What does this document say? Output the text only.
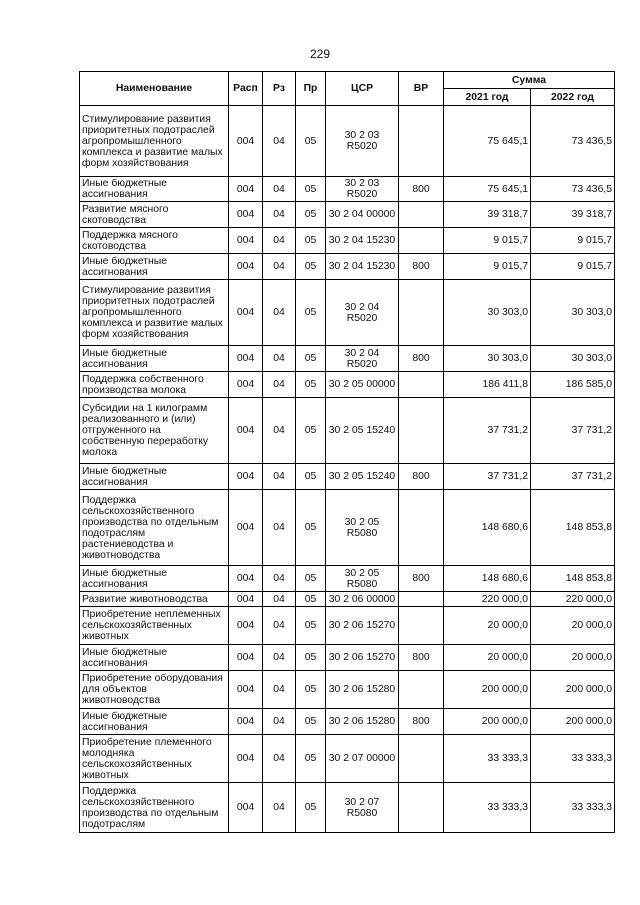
229
Наименование	Расп	Рз	Пр	ЦСР	ВР	Сумма	
						2021 год	2022 год
Стимулирование развития приоритетных подотраслей агропромышленного комплекса и развитие малых форм хозяйствования	004	04	05	30 2 03 R5020		75 645,1	73 436,5
Иные бюджетные ассигнования	004	04	05	30 2 03 R5020	800	75 645,1	73 436,5
Развитие мясного скотоводства	004	04	05	30 2 04 00000		39 318,7	39 318,7
Поддержка мясного скотоводства	004	04	05	30 2 04 15230		9 015,7	9 015,7
Иные бюджетные ассигнования	004	04	05	30 2 04 15230	800	9 015,7	9 015,7
Стимулирование развития приоритетных подотраслей агропромышленного комплекса и развитие малых форм хозяйствования	004	04	05	30 2 04 R5020		30 303,0	30 303,0
Иные бюджетные ассигнования	004	04	05	30 2 04 R5020	800	30 303,0	30 303,0
Поддержка собственного производства молока	004	04	05	30 2 05 00000		186 411,8	186 585,0
Субсидии на 1 килограмм реализованного и (или) отгруженного на собственную переработку молока	004	04	05	30 2 05 15240		37 731,2	37 731,2
Иные бюджетные ассигнования	004	04	05	30 2 05 15240	800	37 731,2	37 731,2
Поддержка сельскохозяйственного производства по отдельным подотраслям растениеводства и животноводства	004	04	05	30 2 05 R5080		148 680,6	148 853,8
Иные бюджетные ассигнования	004	04	05	30 2 05 R5080	800	148 680,6	148 853,8
Развитие животноводства	004	04	05	30 2 06 00000		220 000,0	220 000,0
Приобретение неплеменных сельскохозяйственных животных	004	04	05	30 2 06 15270		20 000,0	20 000,0
Иные бюджетные ассигнования	004	04	05	30 2 06 15270	800	20 000,0	20 000,0
Приобретение оборудования для объектов животноводства	004	04	05	30 2 06 15280		200 000,0	200 000,0
Иные бюджетные ассигнования	004	04	05	30 2 06 15280	800	200 000,0	200 000,0
Приобретение племенного молодняка сельскохозяйственных животных	004	04	05	30 2 07 00000		33 333,3	33 333,3
Поддержка сельскохозяйственного производства по отдельным подотраслям	004	04	05	30 2 07 R5080		33 333,3	33 333,3
